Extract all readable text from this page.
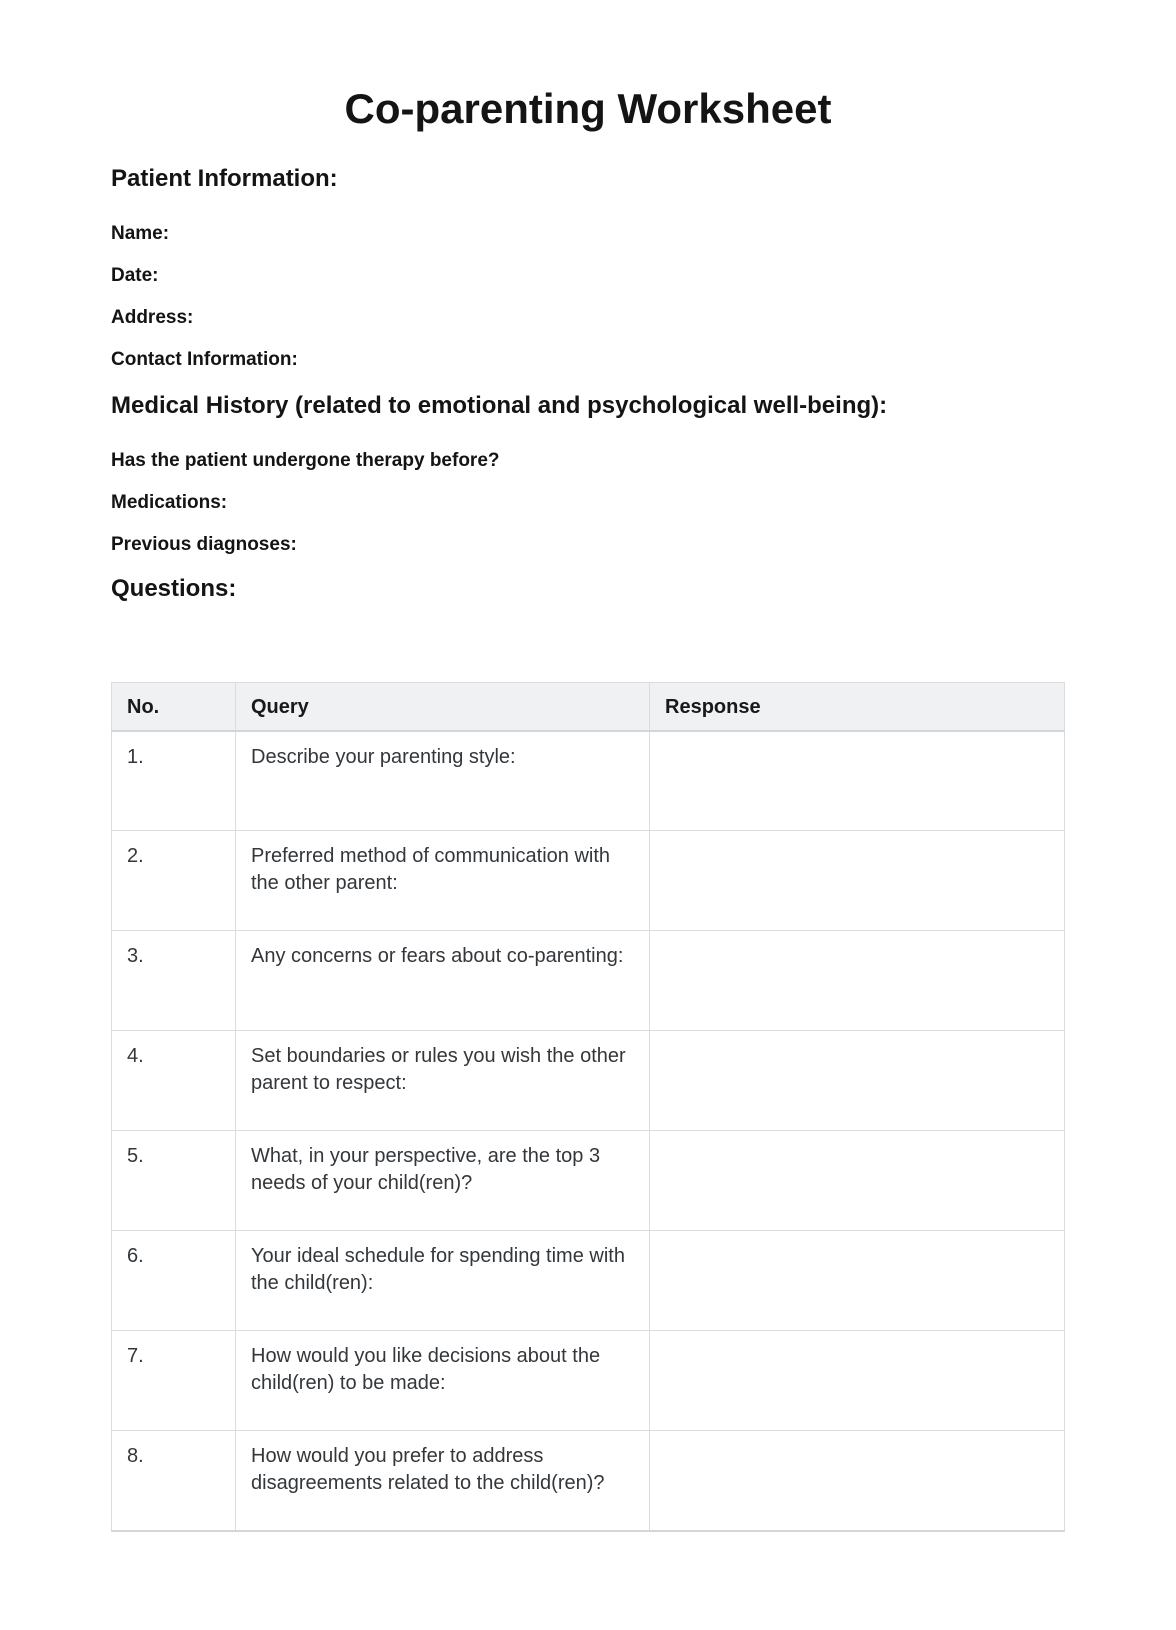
Co-parenting Worksheet
Patient Information:

Name:

Date:

Address:

Contact Information:

Medical History (related to emotional and psychological well-being):

Has the patient undergone therapy before?

Medications:

Previous diagnoses:

Questions:
No.	Query	Response
1.	Describe your parenting style:	
2.	Preferred method of communication with the other parent:	
3.	Any concerns or fears about co-parenting:	
4.	Set boundaries or rules you wish the other parent to respect:	
5.	What, in your perspective, are the top 3 needs of your child(ren)?	
6.	Your ideal schedule for spending time with the child(ren):	
7.	How would you like decisions about the child(ren) to be made:	
8.	How would you prefer to address disagreements related to the child(ren)?	
